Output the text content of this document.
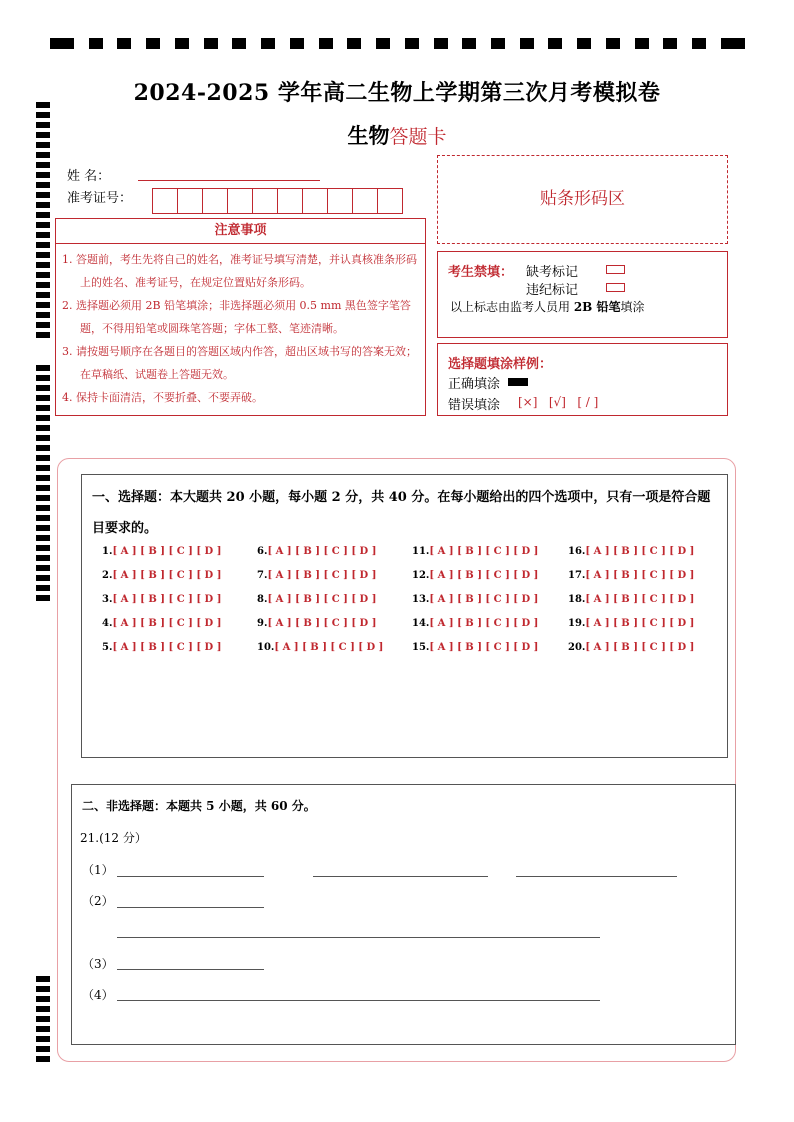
2024-2025 学年高二生物上学期第三次月考模拟卷
生物答题卡
姓 名：
准考证号：
注意事项
1. 答题前，考生先将自己的姓名，准考证号填写清楚，并认真核准条形码上的姓名、准考证号，在规定位置贴好条形码。
2. 选择题必须用 2B 铅笔填涂；非选择题必须用 0.5 mm 黑色签字笔答题，不得用铅笔或圆珠笔答题；字体工整、笔迹清晰。
3. 请按题号顺序在各题目的答题区域内作答，超出区域书写的答案无效；在草稿纸、试题卷上答题无效。
4. 保持卡面清洁，不要折叠、不要弄破。
贴条形码区
考生禁填： 缺考标记
违纪标记
以上标志由监考人员用 2B 铅笔填涂
选择题填涂样例：
正确填涂
错误填涂 [×]   [√]   [ / ]
一、选择题：本大题共 20 小题，每小题 2 分，共 40 分。在每小题给出的四个选项中，只有一项是符合题目要求的。
1.[ A ] [ B ] [ C ] [ D ]
2.[ A ] [ B ] [ C ] [ D ]
3.[ A ] [ B ] [ C ] [ D ]
4.[ A ] [ B ] [ C ] [ D ]
5.[ A ] [ B ] [ C ] [ D ]
6.[ A ] [ B ] [ C ] [ D ]
7.[ A ] [ B ] [ C ] [ D ]
8.[ A ] [ B ] [ C ] [ D ]
9.[ A ] [ B ] [ C ] [ D ]
10.[ A ] [ B ] [ C ] [ D ]
11.[ A ] [ B ] [ C ] [ D ]
12.[ A ] [ B ] [ C ] [ D ]
13.[ A ] [ B ] [ C ] [ D ]
14.[ A ] [ B ] [ C ] [ D ]
15.[ A ] [ B ] [ C ] [ D ]
16.[ A ] [ B ] [ C ] [ D ]
17.[ A ] [ B ] [ C ] [ D ]
18.[ A ] [ B ] [ C ] [ D ]
19.[ A ] [ B ] [ C ] [ D ]
20.[ A ] [ B ] [ C ] [ D ]
二、非选择题：本题共 5 小题，共 60 分。
21.(12 分）
（1）
（2）
（3）
（4）
